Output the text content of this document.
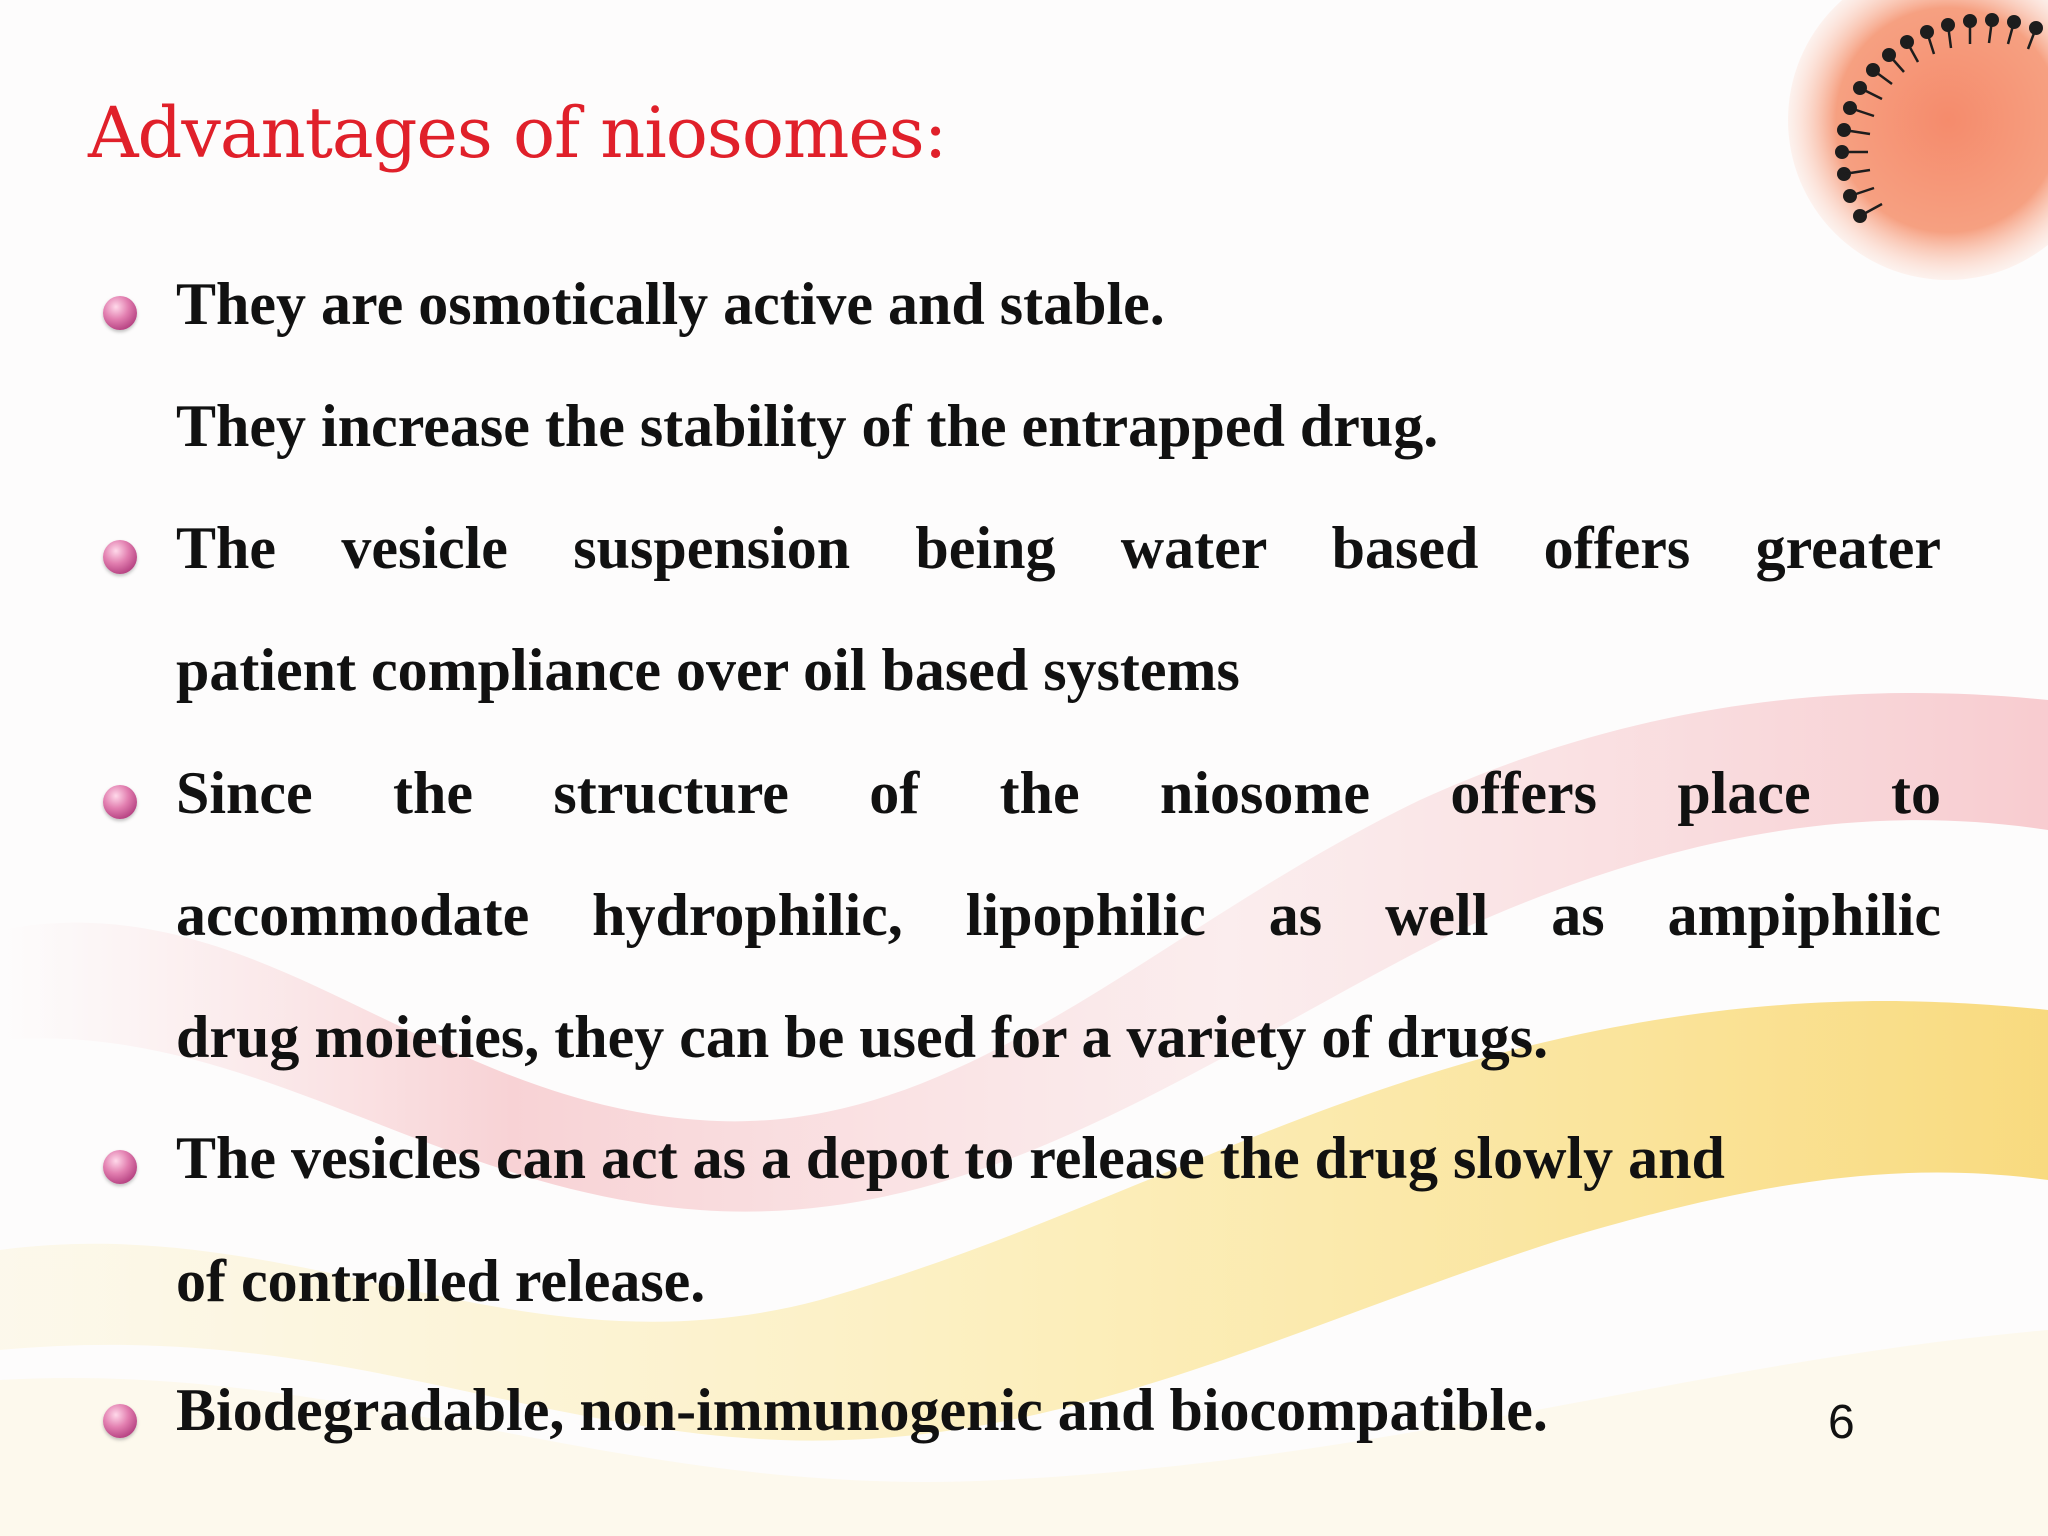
Advantages of niosomes:
They are osmotically active and stable.
They increase the stability of the entrapped drug.
The vesicle suspension being water based offers greater
patient compliance over oil based systems
Since the structure of the niosome offers place to
accommodate hydrophilic, lipophilic as well as ampiphilic
drug moieties, they can be used for a variety of drugs.
The vesicles can act as a depot to release the drug slowly and
of controlled release.
Biodegradable, non-immunogenic and biocompatible.	6
